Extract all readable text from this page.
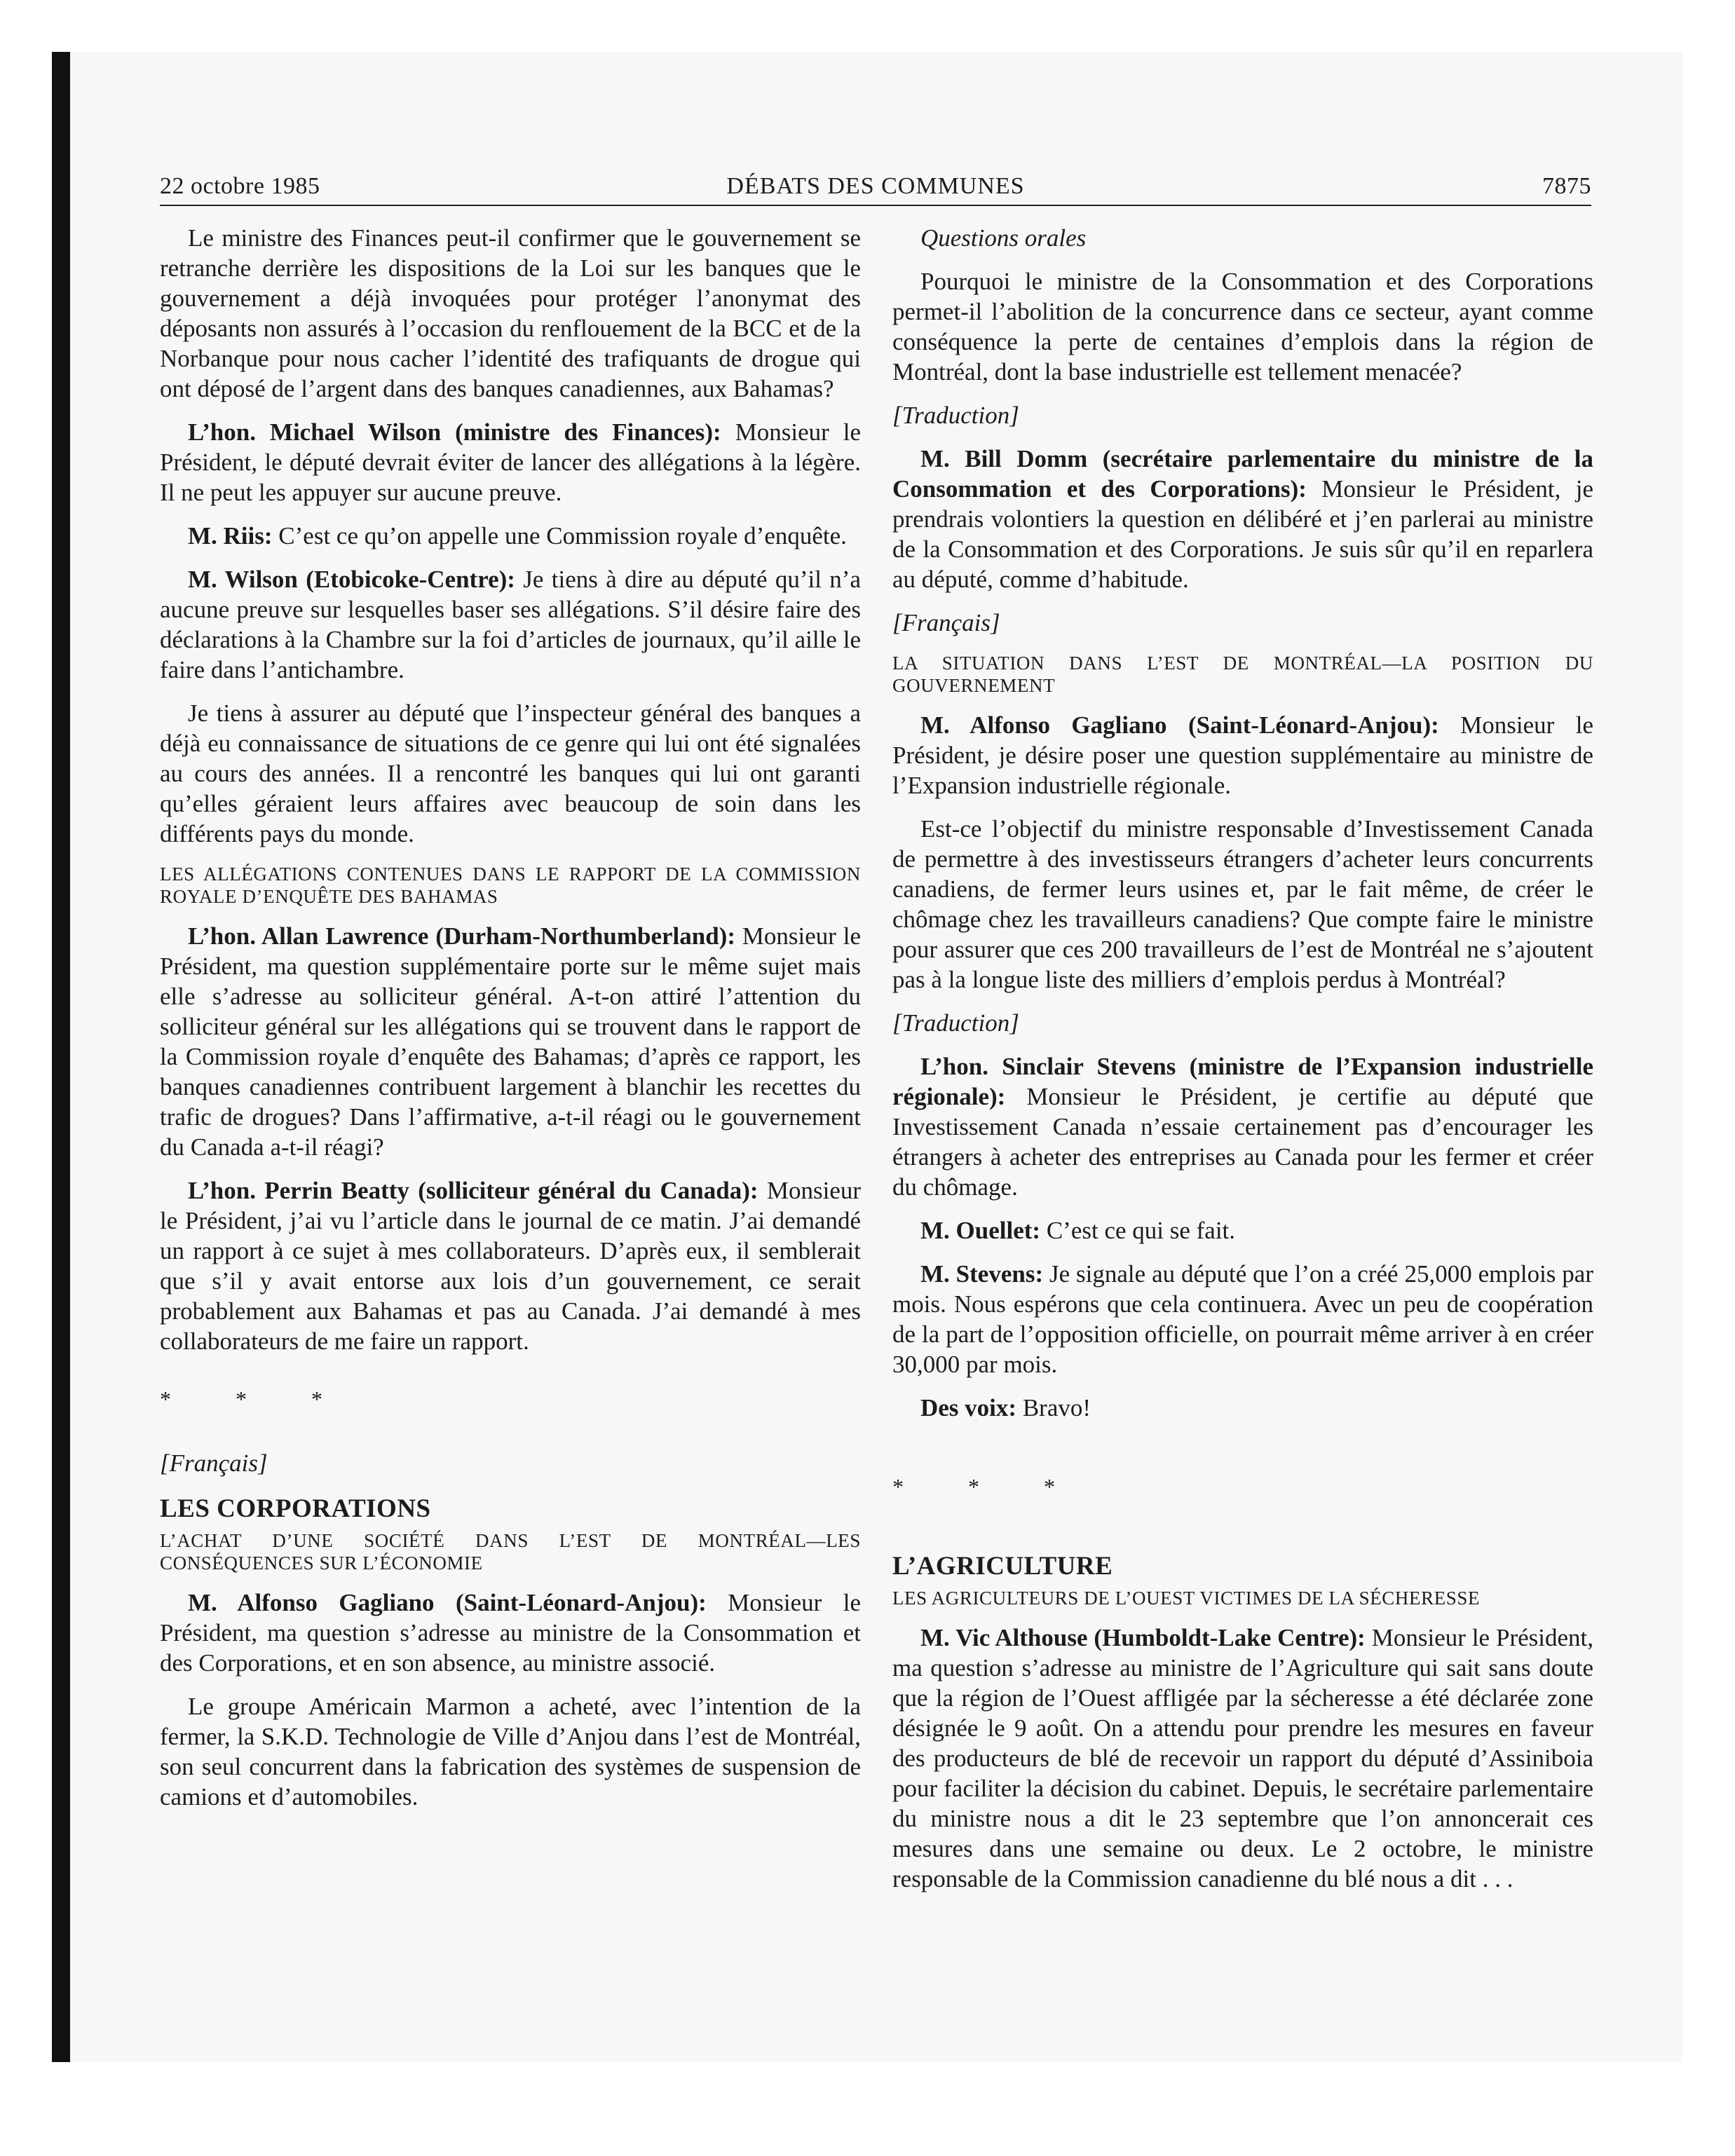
22 octobre 1985	DÉBATS DES COMMUNES	7875

Le ministre des Finances peut-il confirmer que le gouvernement se retranche derrière les dispositions de la Loi sur les banques que le gouvernement a déjà invoquées pour protéger l’anonymat des déposants non assurés à l’occasion du renflouement de la BCC et de la Norbanque pour nous cacher l’identité des trafiquants de drogue qui ont déposé de l’argent dans des banques canadiennes, aux Bahamas?

L’hon. Michael Wilson (ministre des Finances): Monsieur le Président, le député devrait éviter de lancer des allégations à la légère. Il ne peut les appuyer sur aucune preuve.

M. Riis: C’est ce qu’on appelle une Commission royale d’enquête.

M. Wilson (Etobicoke-Centre): Je tiens à dire au député qu’il n’a aucune preuve sur lesquelles baser ses allégations. S’il désire faire des déclarations à la Chambre sur la foi d’articles de journaux, qu’il aille le faire dans l’antichambre.

Je tiens à assurer au député que l’inspecteur général des banques a déjà eu connaissance de situations de ce genre qui lui ont été signalées au cours des années. Il a rencontré les banques qui lui ont garanti qu’elles géraient leurs affaires avec beaucoup de soin dans les différents pays du monde.

LES ALLÉGATIONS CONTENUES DANS LE RAPPORT DE LA COMMISSION ROYALE D’ENQUÊTE DES BAHAMAS

L’hon. Allan Lawrence (Durham-Northumberland): Monsieur le Président, ma question supplémentaire porte sur le même sujet mais elle s’adresse au solliciteur général. A-t-on attiré l’attention du solliciteur général sur les allégations qui se trouvent dans le rapport de la Commission royale d’enquête des Bahamas; d’après ce rapport, les banques canadiennes contribuent largement à blanchir les recettes du trafic de drogues? Dans l’affirmative, a-t-il réagi ou le gouvernement du Canada a-t-il réagi?

L’hon. Perrin Beatty (solliciteur général du Canada): Monsieur le Président, j’ai vu l’article dans le journal de ce matin. J’ai demandé un rapport à ce sujet à mes collaborateurs. D’après eux, il semblerait que s’il y avait entorse aux lois d’un gouvernement, ce serait probablement aux Bahamas et pas au Canada. J’ai demandé à mes collaborateurs de me faire un rapport.

* * *

[Français]

LES CORPORATIONS

L’ACHAT D’UNE SOCIÉTÉ DANS L’EST DE MONTRÉAL—LES CONSÉQUENCES SUR L’ÉCONOMIE

M. Alfonso Gagliano (Saint-Léonard-Anjou): Monsieur le Président, ma question s’adresse au ministre de la Consommation et des Corporations, et en son absence, au ministre associé.

Le groupe Américain Marmon a acheté, avec l’intention de la fermer, la S.K.D. Technologie de Ville d’Anjou dans l’est de Montréal, son seul concurrent dans la fabrication des systèmes de suspension de camions et d’automobiles.

Questions orales

Pourquoi le ministre de la Consommation et des Corporations permet-il l’abolition de la concurrence dans ce secteur, ayant comme conséquence la perte de centaines d’emplois dans la région de Montréal, dont la base industrielle est tellement menacée?

[Traduction]

M. Bill Domm (secrétaire parlementaire du ministre de la Consommation et des Corporations): Monsieur le Président, je prendrais volontiers la question en délibéré et j’en parlerai au ministre de la Consommation et des Corporations. Je suis sûr qu’il en reparlera au député, comme d’habitude.

[Français]

LA SITUATION DANS L’EST DE MONTRÉAL—LA POSITION DU GOUVERNEMENT

M. Alfonso Gagliano (Saint-Léonard-Anjou): Monsieur le Président, je désire poser une question supplémentaire au ministre de l’Expansion industrielle régionale.

Est-ce l’objectif du ministre responsable d’Investissement Canada de permettre à des investisseurs étrangers d’acheter leurs concurrents canadiens, de fermer leurs usines et, par le fait même, de créer le chômage chez les travailleurs canadiens? Que compte faire le ministre pour assurer que ces 200 travailleurs de l’est de Montréal ne s’ajoutent pas à la longue liste des milliers d’emplois perdus à Montréal?

[Traduction]

L’hon. Sinclair Stevens (ministre de l’Expansion industrielle régionale): Monsieur le Président, je certifie au député que Investissement Canada n’essaie certainement pas d’encourager les étrangers à acheter des entreprises au Canada pour les fermer et créer du chômage.

M. Ouellet: C’est ce qui se fait.

M. Stevens: Je signale au député que l’on a créé 25,000 emplois par mois. Nous espérons que cela continuera. Avec un peu de coopération de la part de l’opposition officielle, on pourrait même arriver à en créer 30,000 par mois.

Des voix: Bravo!

* * *

L’AGRICULTURE

LES AGRICULTEURS DE L’OUEST VICTIMES DE LA SÉCHERESSE

M. Vic Althouse (Humboldt-Lake Centre): Monsieur le Président, ma question s’adresse au ministre de l’Agriculture qui sait sans doute que la région de l’Ouest affligée par la sécheresse a été déclarée zone désignée le 9 août. On a attendu pour prendre les mesures en faveur des producteurs de blé de recevoir un rapport du député d’Assiniboia pour faciliter la décision du cabinet. Depuis, le secrétaire parlementaire du ministre nous a dit le 23 septembre que l’on annoncerait ces mesures dans une semaine ou deux. Le 2 octobre, le ministre responsable de la Commission canadienne du blé nous a dit . . .
